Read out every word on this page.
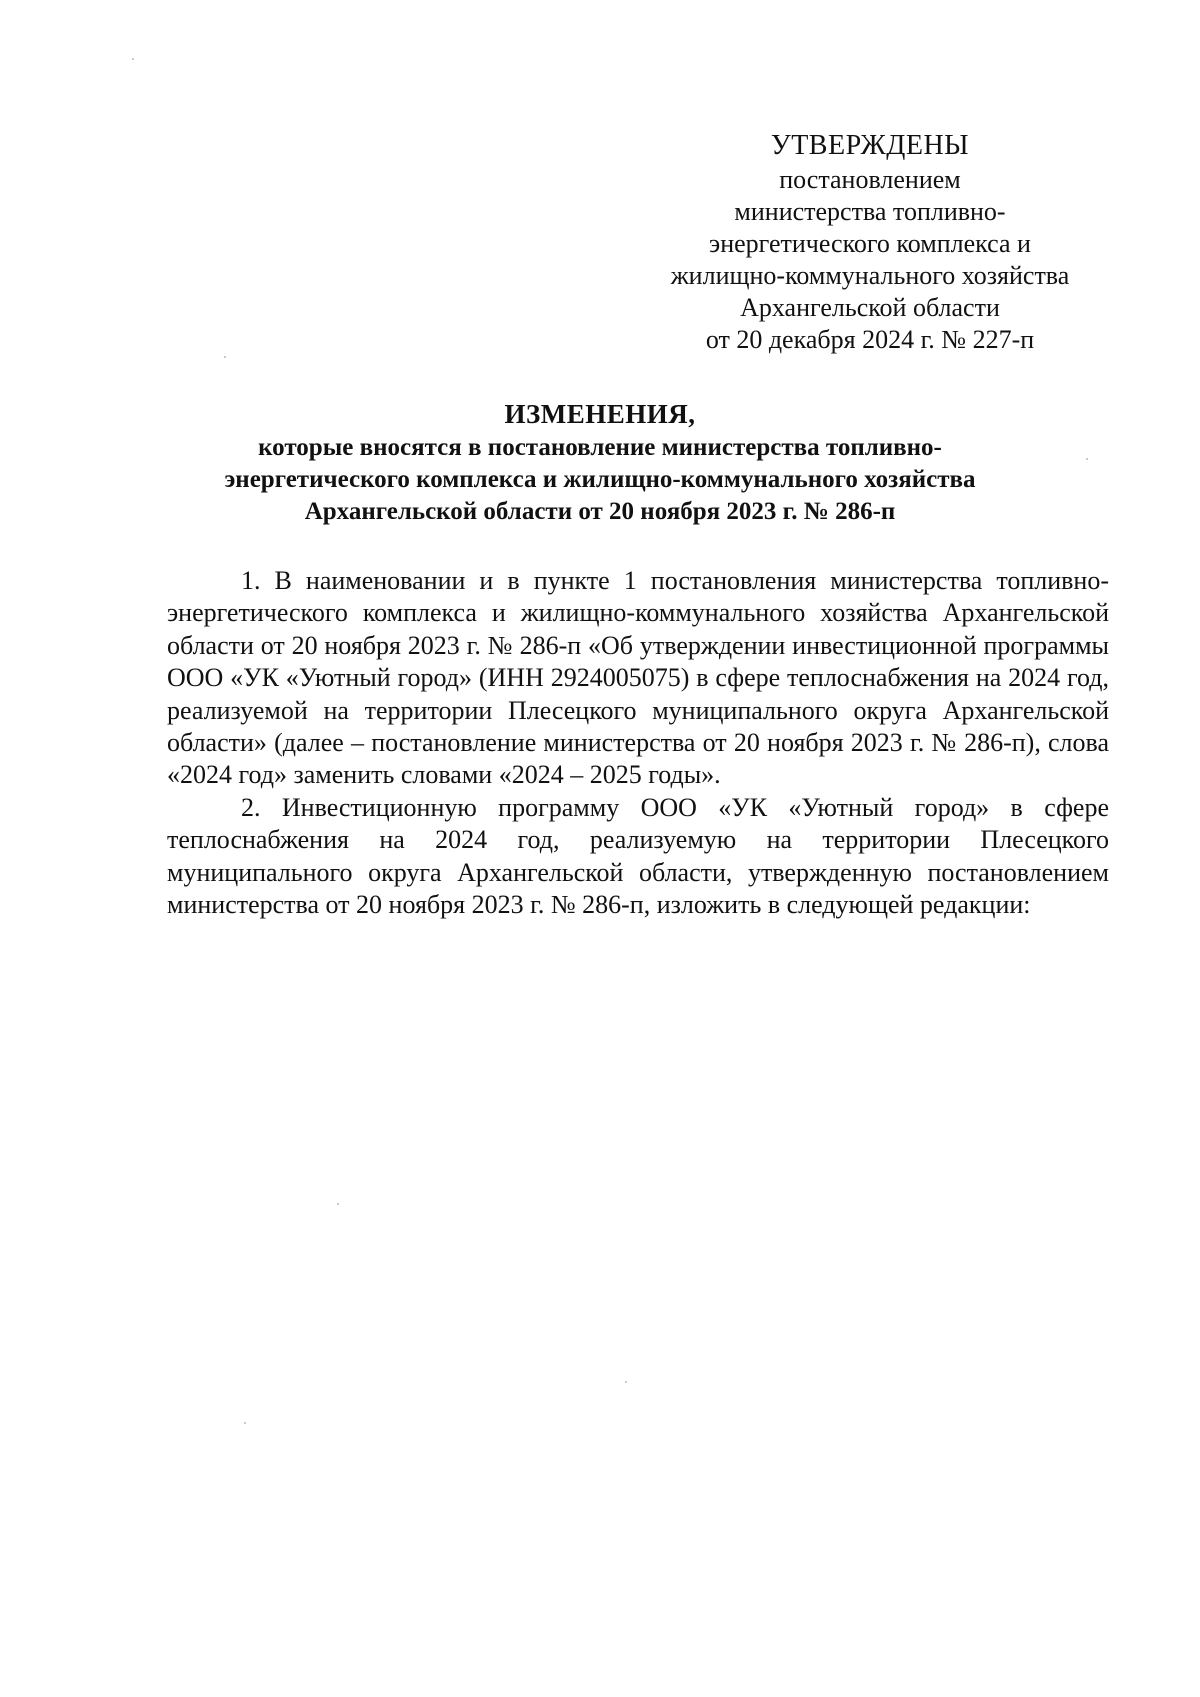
УТВЕРЖДЕНЫ
постановлением
министерства топливно-
энергетического комплекса и
жилищно-коммунального хозяйства
Архангельской области
от 20 декабря 2024 г. № 227-п
ИЗМЕНЕНИЯ,
которые вносятся в постановление министерства топливно-
энергетического комплекса и жилищно-коммунального хозяйства
Архангельской области от 20 ноября 2023 г. № 286-п

1. В наименовании и в пункте 1 постановления министерства топливно-энергетического комплекса и жилищно-коммунального хозяйства Архангельской области от 20 ноября 2023 г. № 286-п «Об утверждении инвестиционной программы ООО «УК «Уютный город» (ИНН 2924005075) в сфере теплоснабжения на 2024 год, реализуемой на территории Плесецкого муниципального округа Архангельской области» (далее – постановление министерства от 20 ноября 2023 г. № 286-п), слова «2024 год» заменить словами «2024 – 2025 годы».

2. Инвестиционную программу ООО «УК «Уютный город» в сфере теплоснабжения на 2024 год, реализуемую на территории Плесецкого муниципального округа Архангельской области, утвержденную постановлением министерства от 20 ноября 2023 г. № 286-п, изложить в следующей редакции:
